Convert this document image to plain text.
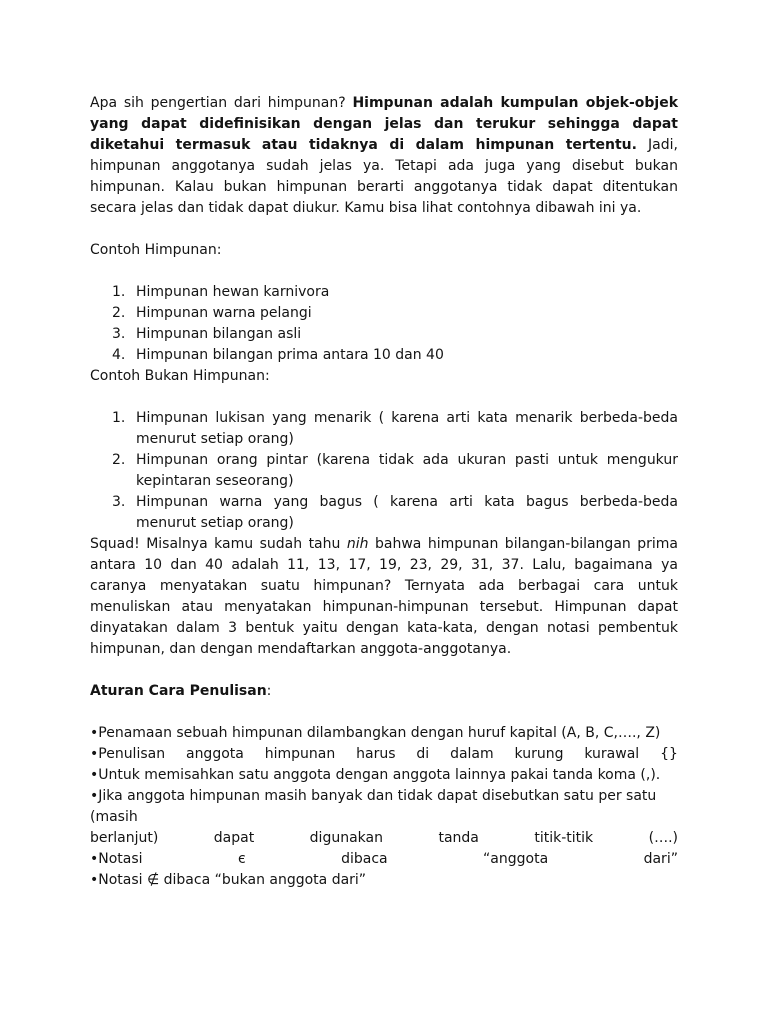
Apa sih pengertian dari himpunan? Himpunan adalah kumpulan objek-objek yang dapat didefinisikan dengan jelas dan terukur sehingga dapat diketahui termasuk atau tidaknya di dalam himpunan tertentu. Jadi, himpunan anggotanya sudah jelas ya. Tetapi ada juga yang disebut bukan himpunan. Kalau bukan himpunan berarti anggotanya tidak dapat ditentukan secara jelas dan tidak dapat diukur. Kamu bisa lihat contohnya dibawah ini ya.

Contoh Himpunan:

1. Himpunan hewan karnivora
2. Himpunan warna pelangi
3. Himpunan bilangan asli
4. Himpunan bilangan prima antara 10 dan 40

Contoh Bukan Himpunan:

1. Himpunan lukisan yang menarik ( karena arti kata menarik berbeda-beda menurut setiap orang)
2. Himpunan orang pintar (karena tidak ada ukuran pasti untuk mengukur kepintaran seseorang)
3. Himpunan warna yang bagus ( karena arti kata bagus berbeda-beda menurut setiap orang)

Squad! Misalnya kamu sudah tahu nih bahwa himpunan bilangan-bilangan prima antara 10 dan 40 adalah 11, 13, 17, 19, 23, 29, 31, 37. Lalu, bagaimana ya caranya menyatakan suatu himpunan? Ternyata ada berbagai cara untuk menuliskan atau menyatakan himpunan-himpunan tersebut. Himpunan dapat dinyatakan dalam 3 bentuk yaitu dengan kata-kata, dengan notasi pembentuk himpunan, dan dengan mendaftarkan anggota-anggotanya.

Aturan Cara Penulisan:

•Penamaan sebuah himpunan dilambangkan dengan huruf kapital (A, B, C,…., Z)
•Penulisan anggota himpunan harus di dalam kurung kurawal {}
•Untuk memisahkan satu anggota dengan anggota lainnya pakai tanda koma (,).
•Jika anggota himpunan masih banyak dan tidak dapat disebutkan satu per satu (masih
berlanjut)	dapat	digunakan	tanda	titik-titik	(….)
•Notasi	є	dibaca	“anggota	dari”
•Notasi ∉ dibaca “bukan anggota dari”
